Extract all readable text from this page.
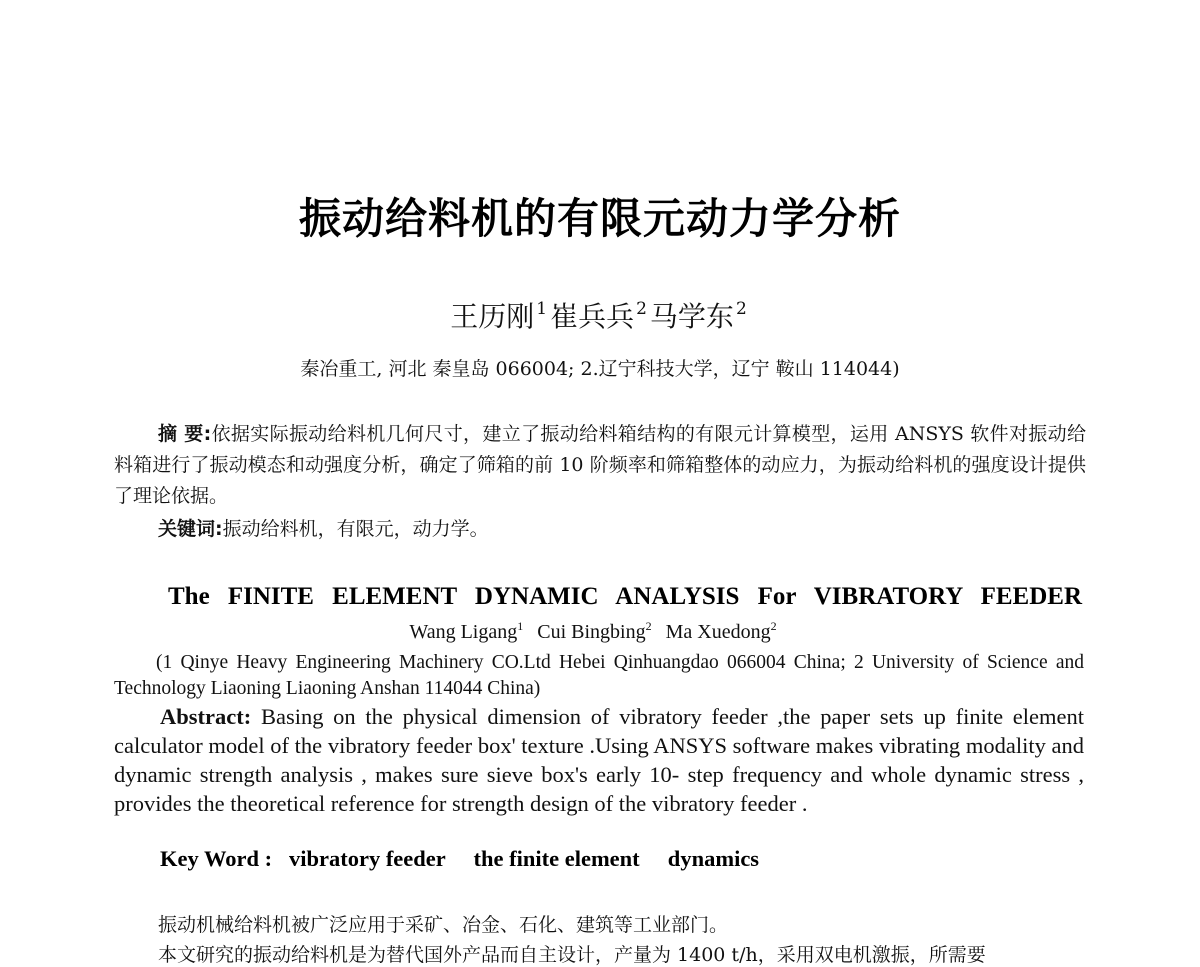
振动给料机的有限元动力学分析
王历刚 $^1$ 崔兵兵 $^2$ 马学东 $^2$
秦冶重工, 河北 秦皇岛 066004; 2.辽宁科技大学，辽宁 鞍山 114044)
摘 要:依据实际振动给料机几何尺寸，建立了振动给料箱结构的有限元计算模型，运用 ANSYS 软件对振动给料箱进行了振动模态和动强度分析，确定了筛箱的前 10 阶频率和筛箱整体的动应力，为振动给料机的强度设计提供了理论依据。
关键词:振动给料机，有限元，动力学。
The FINITE ELEMENT DYNAMIC ANALYSIS For VIBRATORY FEEDER
Wang Ligang$^1$ Cui Bingbing$^2$ Ma Xuedong$^2$
(1 Qinye Heavy Engineering Machinery CO.Ltd Hebei Qinhuangdao 066004 China; 2 University of Science and Technology Liaoning Liaoning Anshan 114044 China)
Abstract: Basing on the physical dimension of vibratory feeder ,the paper sets up finite element calculator model of the vibratory feeder box' texture .Using ANSYS software makes vibrating modality and dynamic strength analysis , makes sure sieve box's early 10- step frequency and whole dynamic stress , provides the theoretical reference for strength design of the vibratory feeder .
Key Word :   vibratory feeder     the finite element     dynamics
振动机械给料机被广泛应用于采矿、冶金、石化、建筑等工业部门。
本文研究的振动给料机是为替代国外产品而自主设计，产量为 1400 t/h，采用双电机激振，所需要
